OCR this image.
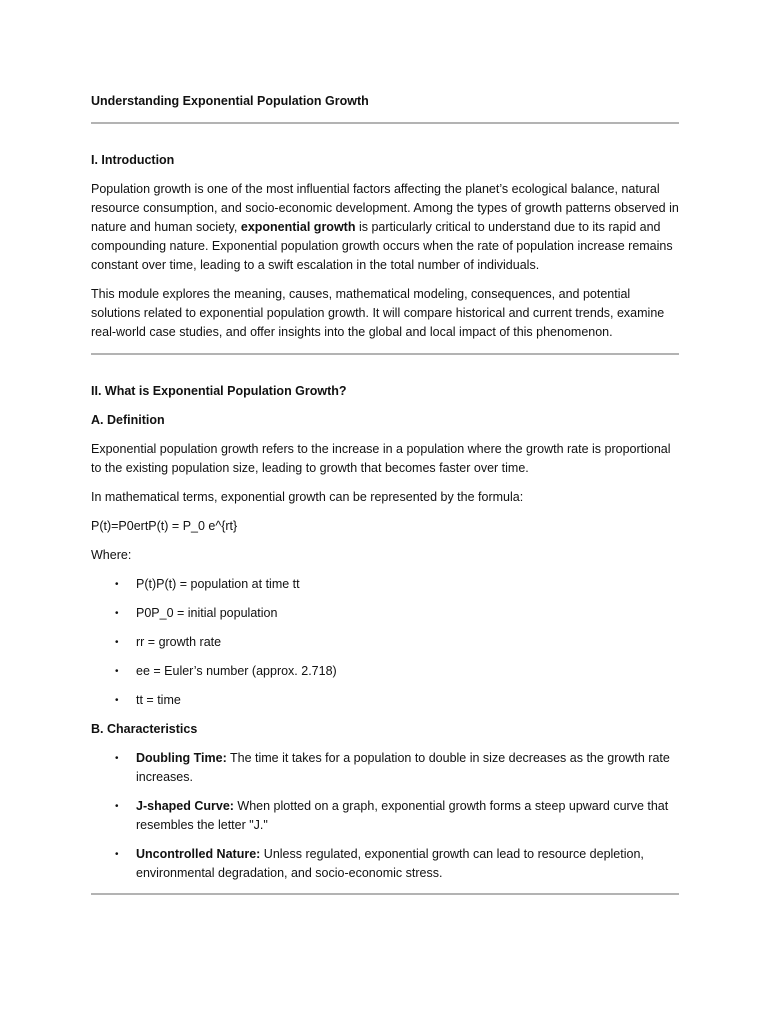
Understanding Exponential Population Growth
I. Introduction

Population growth is one of the most influential factors affecting the planet’s ecological balance, natural resource consumption, and socio-economic development. Among the types of growth patterns observed in nature and human society, exponential growth is particularly critical to understand due to its rapid and compounding nature. Exponential population growth occurs when the rate of population increase remains constant over time, leading to a swift escalation in the total number of individuals.

This module explores the meaning, causes, mathematical modeling, consequences, and potential solutions related to exponential population growth. It will compare historical and current trends, examine real-world case studies, and offer insights into the global and local impact of this phenomenon.

II. What is Exponential Population Growth?
A. Definition

Exponential population growth refers to the increase in a population where the growth rate is proportional to the existing population size, leading to growth that becomes faster over time.

In mathematical terms, exponential growth can be represented by the formula:

P(t)=P0ertP(t) = P_0 e^{rt}

Where:

• P(t)P(t) = population at time tt
• P0P_0 = initial population
• rr = growth rate
• ee = Euler’s number (approx. 2.718)
• tt = time
B. Characteristics
• Doubling Time: The time it takes for a population to double in size decreases as the growth rate increases.
• J-shaped Curve: When plotted on a graph, exponential growth forms a steep upward curve that resembles the letter "J."
• Uncontrolled Nature: Unless regulated, exponential growth can lead to resource depletion, environmental degradation, and socio-economic stress.
